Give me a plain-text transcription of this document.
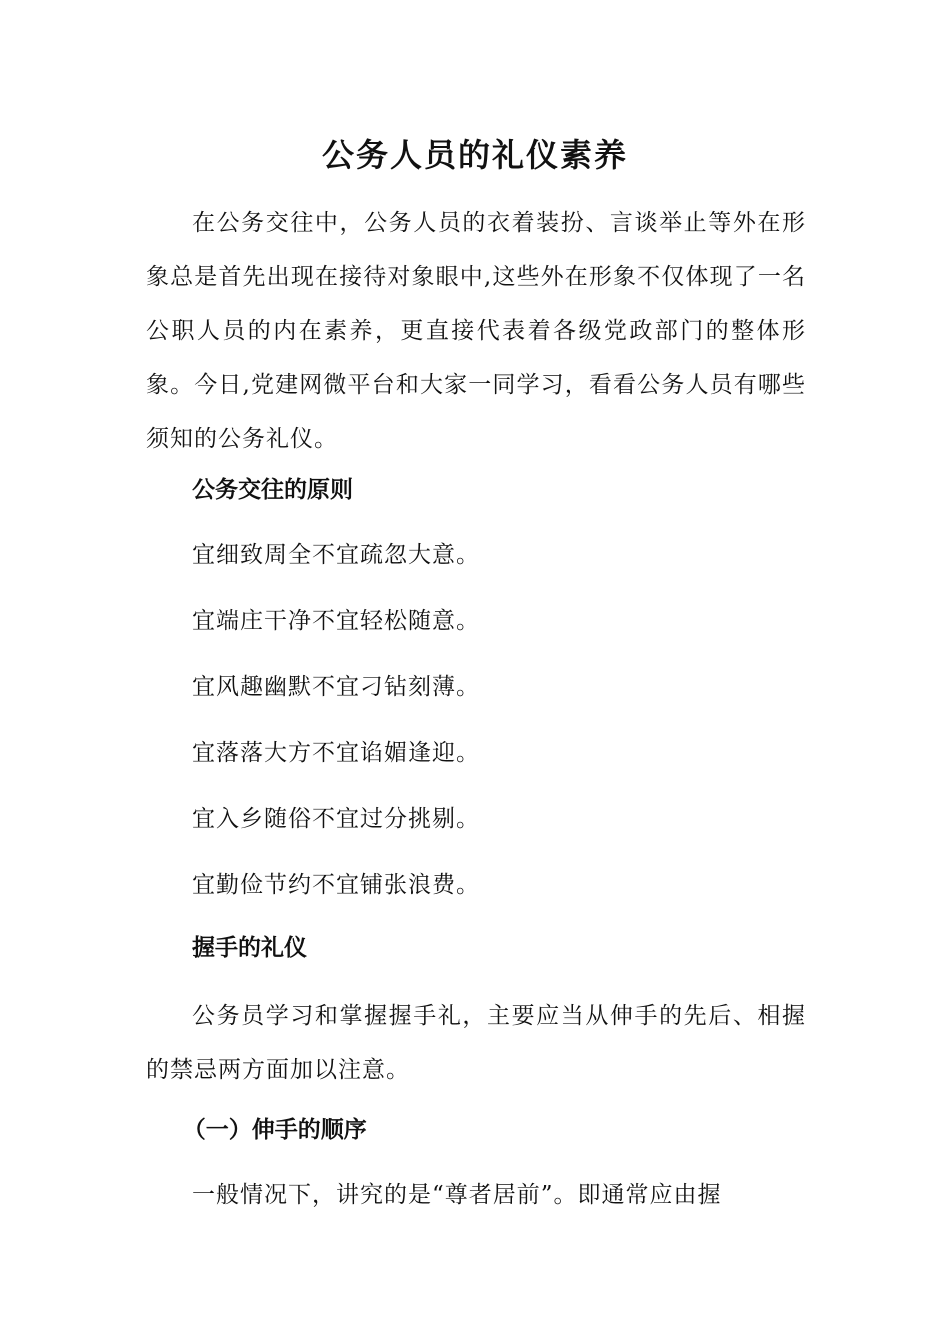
公务人员的礼仪素养

在公务交往中，公务人员的衣着装扮、言谈举止等外在形象总是首先出现在接待对象眼中,这些外在形象不仅体现了一名公职人员的内在素养，更直接代表着各级党政部门的整体形象。今日,党建网微平台和大家一同学习，看看公务人员有哪些须知的公务礼仪。

公务交往的原则

宜细致周全不宜疏忽大意。

宜端庄干净不宜轻松随意。

宜风趣幽默不宜刁钻刻薄。

宜落落大方不宜谄媚逢迎。

宜入乡随俗不宜过分挑剔。

宜勤俭节约不宜铺张浪费。

握手的礼仪

公务员学习和掌握握手礼，主要应当从伸手的先后、相握的禁忌两方面加以注意。

（一）伸手的顺序

一般情况下，讲究的是“尊者居前”。即通常应由握
